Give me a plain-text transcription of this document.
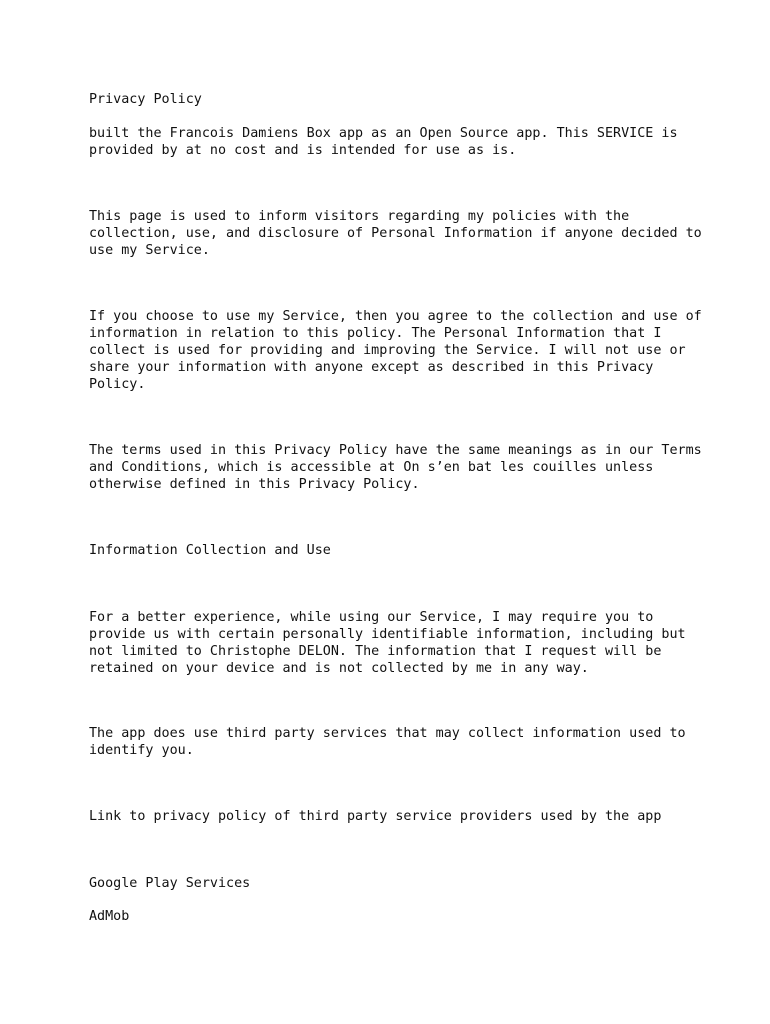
Privacy Policy

built the Francois Damiens Box app as an Open Source app. This SERVICE is
provided by at no cost and is intended for use as is.

This page is used to inform visitors regarding my policies with the
collection, use, and disclosure of Personal Information if anyone decided to
use my Service.

If you choose to use my Service, then you agree to the collection and use of
information in relation to this policy. The Personal Information that I
collect is used for providing and improving the Service. I will not use or
share your information with anyone except as described in this Privacy
Policy.

The terms used in this Privacy Policy have the same meanings as in our Terms
and Conditions, which is accessible at On s’en bat les couilles unless
otherwise defined in this Privacy Policy.

Information Collection and Use

For a better experience, while using our Service, I may require you to
provide us with certain personally identifiable information, including but
not limited to Christophe DELON. The information that I request will be
retained on your device and is not collected by me in any way.

The app does use third party services that may collect information used to
identify you.

Link to privacy policy of third party service providers used by the app

Google Play Services

AdMob
